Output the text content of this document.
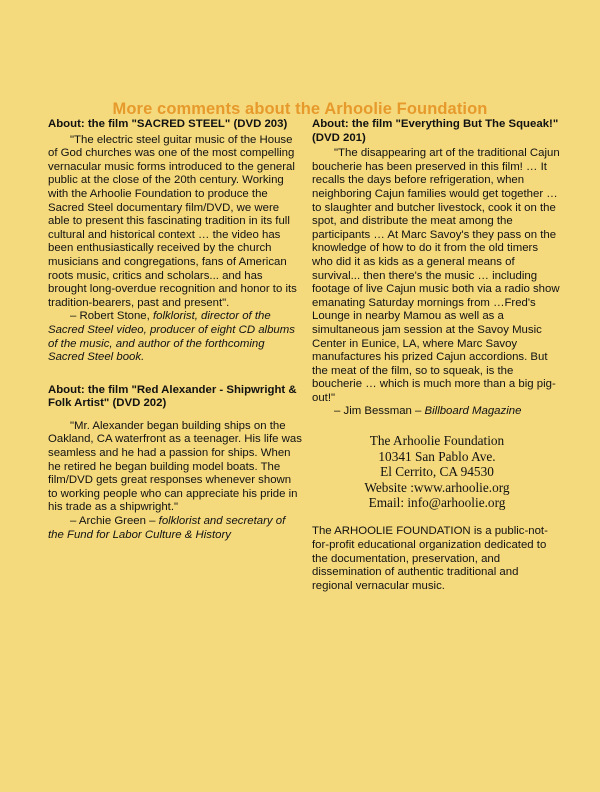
More comments about the Arhoolie Foundation
About: the film "SACRED STEEL" (DVD 203)

"The electric steel guitar music of the House of God churches was one of the most compelling vernacular music forms introduced to the general public at the close of the 20th century. Working with the Arhoolie Foundation to produce the Sacred Steel documentary film/DVD, we were able to present this fascinating tradition in its full cultural and historical context … the video has been enthusiastically received by the church musicians and congregations, fans of American roots music, critics and scholars... and has brought long-overdue recognition and honor to its tradition-bearers, past and present".

– Robert Stone, folklorist, director of the Sacred Steel video, producer of eight CD albums of the music, and author of the forthcoming Sacred Steel book.

About: the film "Red Alexander - Shipwright & Folk Artist" (DVD 202)

"Mr. Alexander began building ships on the Oakland, CA waterfront as a teenager. His life was seamless and he had a passion for ships. When he retired he began building model boats. The film/DVD gets great responses whenever shown to working people who can appreciate his pride in his trade as a shipwright."

– Archie Green – folklorist and secretary of the Fund for Labor Culture & History

About: the film "Everything But The Squeak!" (DVD 201)

"The disappearing art of the traditional Cajun boucherie has been preserved in this film! … It recalls the days before refrigeration, when neighboring Cajun families would get together … to slaughter and butcher livestock, cook it on the spot, and distribute the meat among the participants … At Marc Savoy's they pass on the knowledge of how to do it from the old timers who did it as kids as a general means of survival... then there's the music … including footage of live Cajun music both via a radio show emanating Saturday mornings from …Fred's Lounge in nearby Mamou as well as a simultaneous jam session at the Savoy Music Center in Eunice, LA, where Marc Savoy manufactures his prized Cajun accordions. But the meat of the film, so to squeak, is the boucherie … which is much more than a big pig-out!"

– Jim Bessman – Billboard Magazine

The Arhoolie Foundation
10341 San Pablo Ave.
El Cerrito, CA 94530
Website :www.arhoolie.org
Email: info@arhoolie.org

The ARHOOLIE FOUNDATION is a public-not-for-profit educational organization dedicated to the documentation, preservation, and dissemination of authentic traditional and regional vernacular music.
